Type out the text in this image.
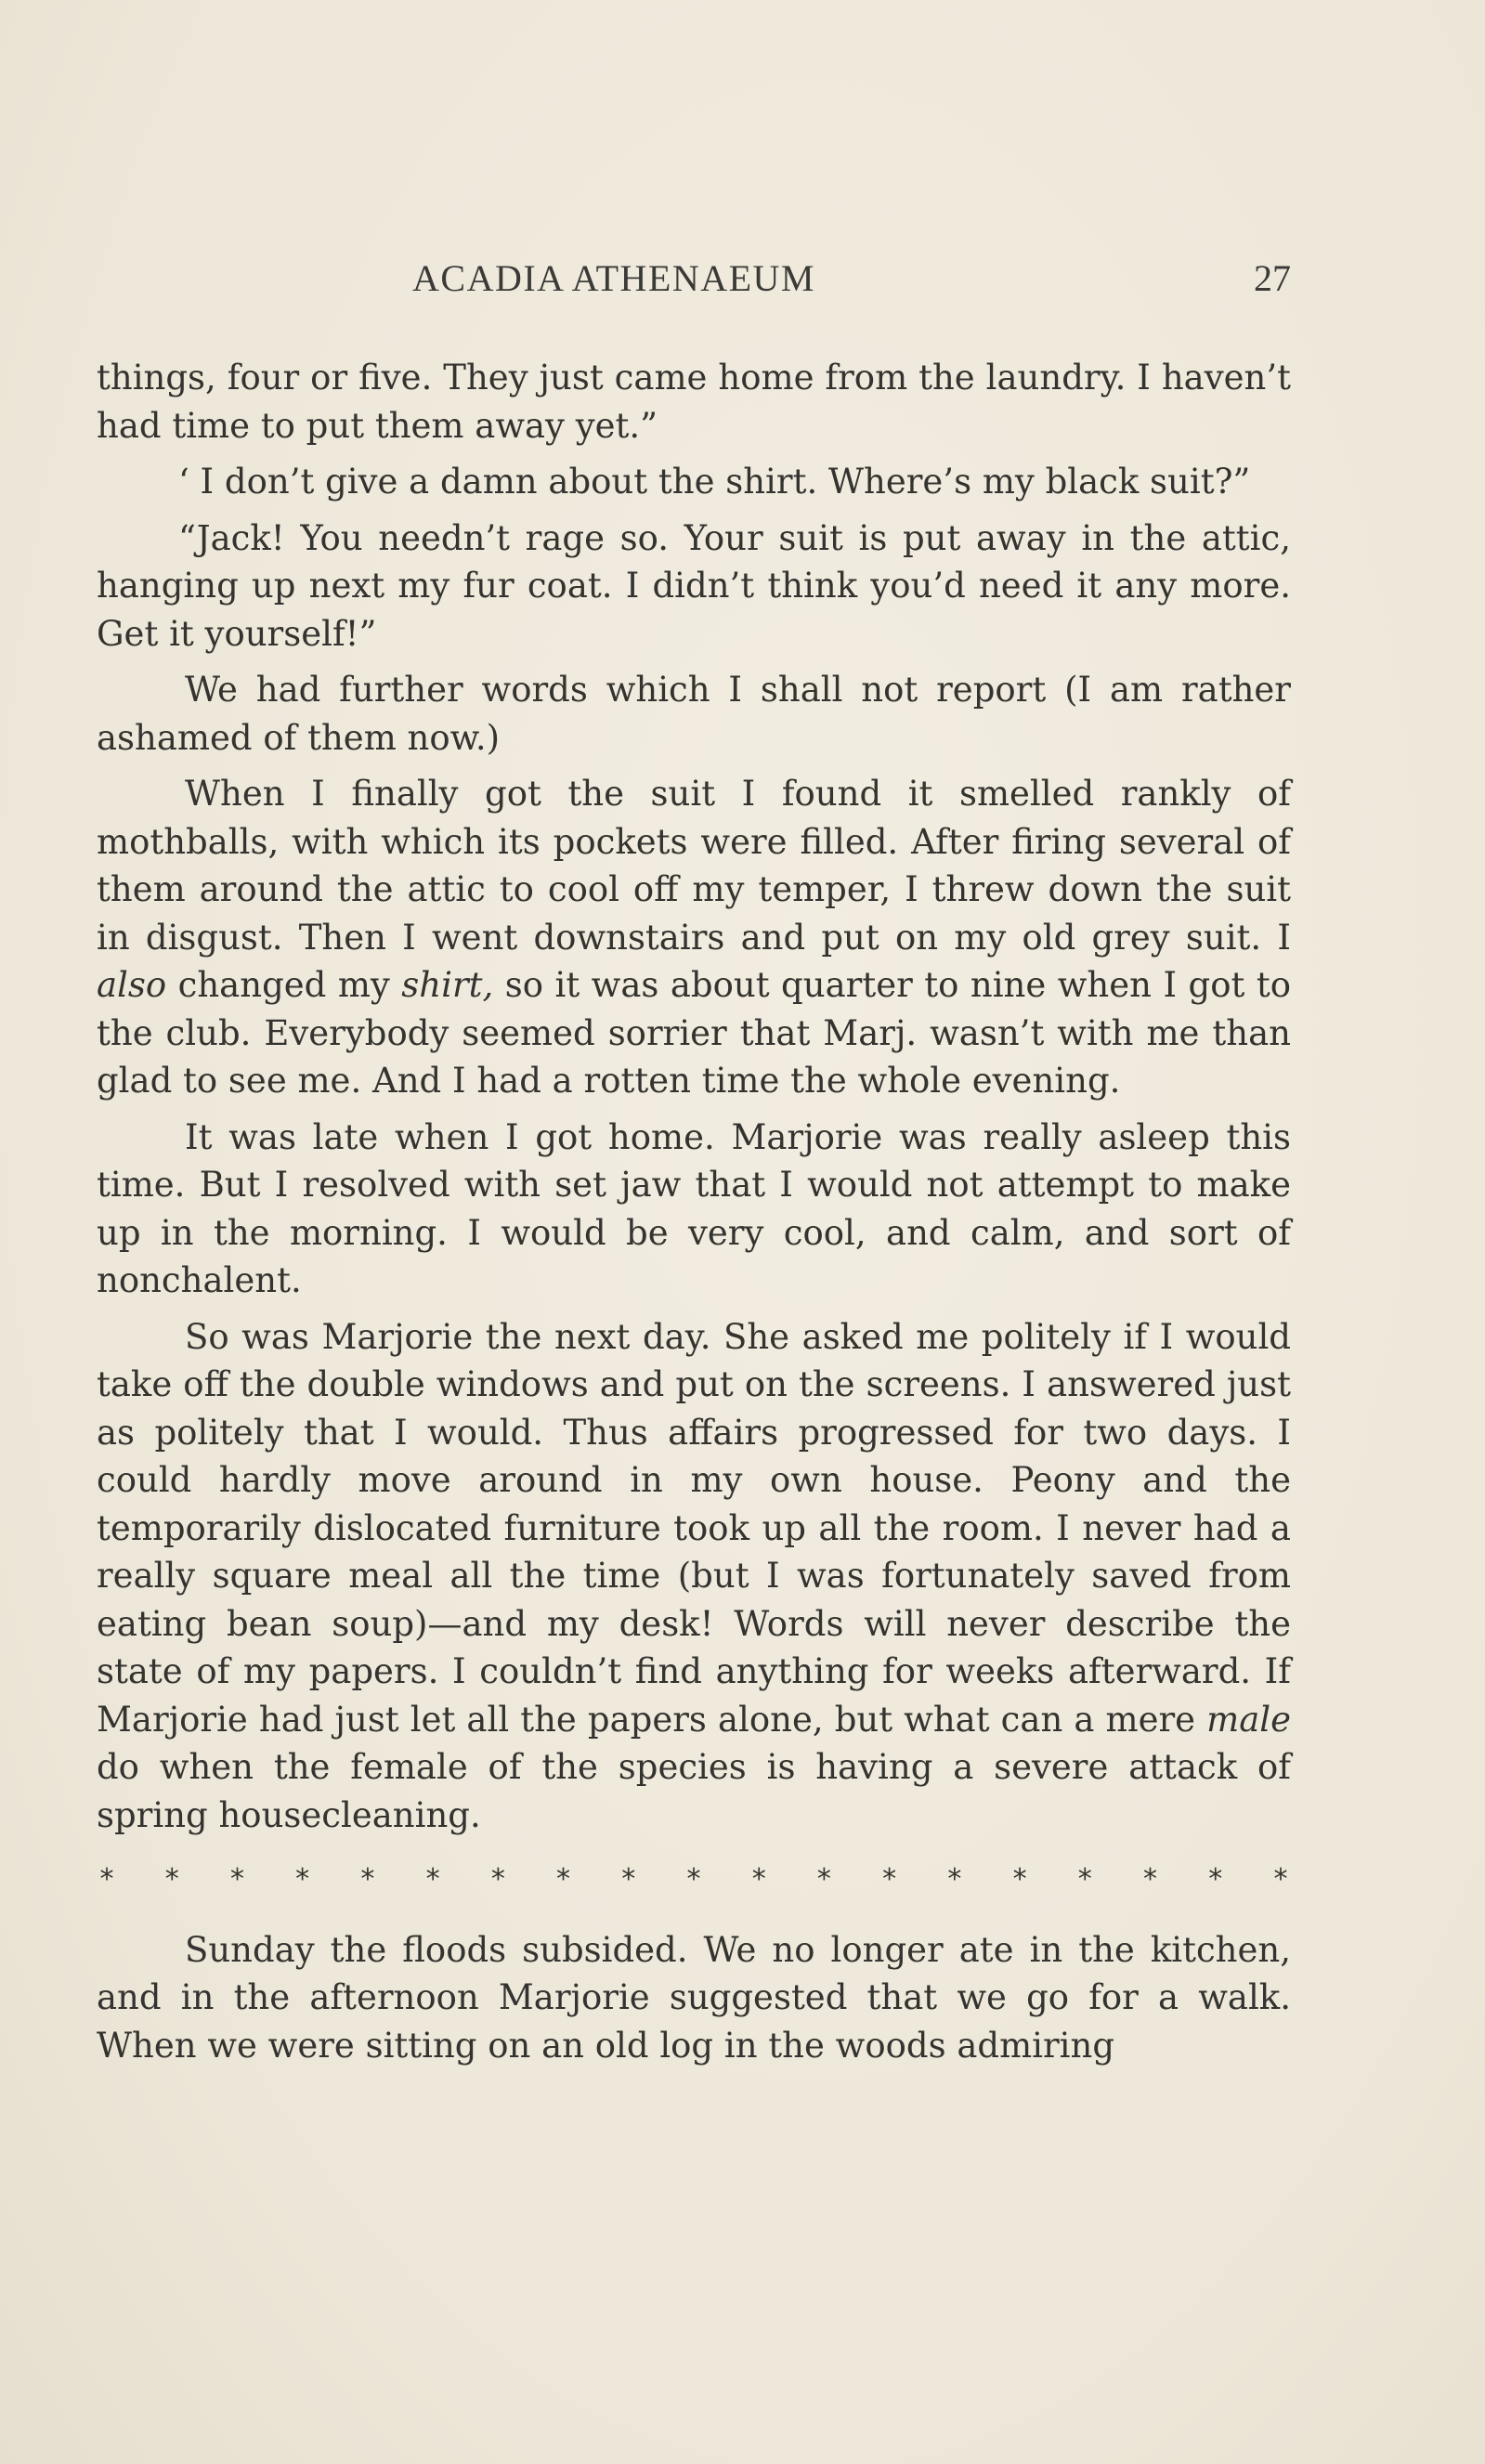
ACADIA ATHENAEUM	27

things, four or five. They just came home from the laundry. I haven’t had time to put them away yet.”

‘ I don’t give a damn about the shirt. Where’s my black suit?”

“Jack! You needn’t rage so. Your suit is put away in the attic, hanging up next my fur coat. I didn’t think you’d need it any more. Get it yourself!”

We had further words which I shall not report (I am rather ashamed of them now.)

When I finally got the suit I found it smelled rankly of mothballs, with which its pockets were filled. After firing several of them around the attic to cool off my temper, I threw down the suit in disgust. Then I went downstairs and put on my old grey suit. I also changed my shirt, so it was about quarter to nine when I got to the club. Everybody seemed sorrier that Marj. wasn’t with me than glad to see me. And I had a rotten time the whole evening.

It was late when I got home. Marjorie was really asleep this time. But I resolved with set jaw that I would not attempt to make up in the morning. I would be very cool, and calm, and sort of nonchalent.

So was Marjorie the next day. She asked me politely if I would take off the double windows and put on the screens. I answered just as politely that I would. Thus affairs progressed for two days. I could hardly move around in my own house. Peony and the temporarily dislocated furniture took up all the room. I never had a really square meal all the time (but I was fortunately saved from eating bean soup)—and my desk! Words will never describe the state of my papers. I couldn’t find anything for weeks afterward. If Marjorie had just let all the papers alone, but what can a mere male do when the female of the species is having a severe attack of spring housecleaning.

* * * * * * * * * * * * * * * * * * *

Sunday the floods subsided. We no longer ate in the kitchen, and in the afternoon Marjorie suggested that we go for a walk. When we were sitting on an old log in the woods admiring
